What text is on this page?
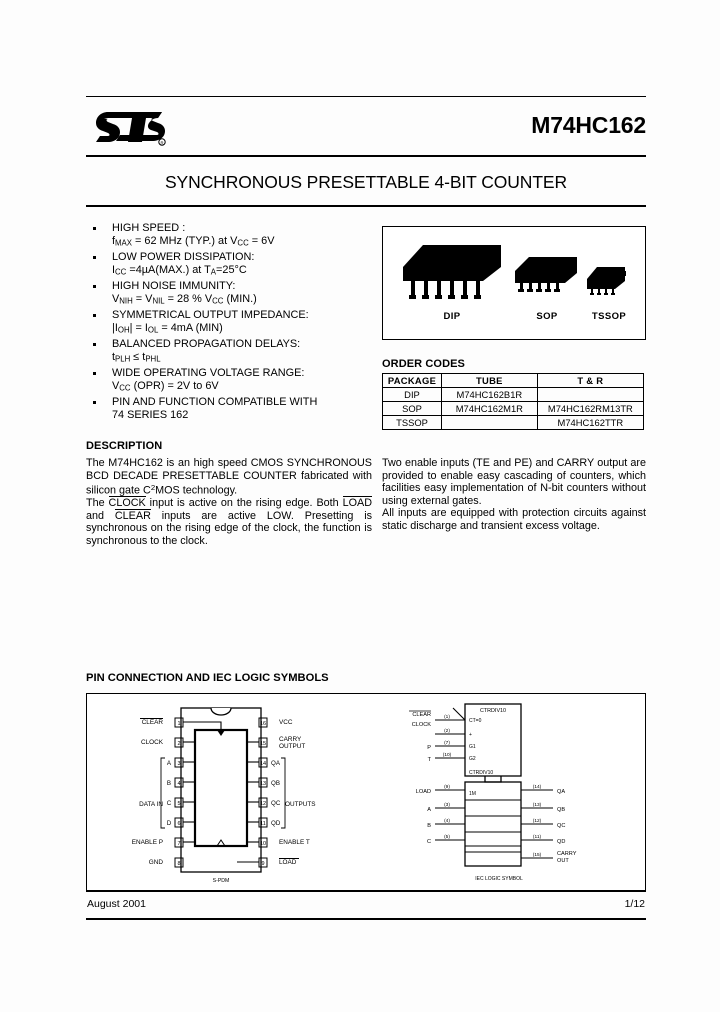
R
M74HC162
SYNCHRONOUS PRESETTABLE 4-BIT COUNTER
HIGH SPEED :
$f_{MAX} = 62$ MHz (TYP.) at $V_{CC} = 6V$
LOW POWER DISSIPATION:
$I_{CC} =4\mu A(MAX.)$ at $T_A=25^\circ C$
HIGH NOISE IMMUNITY:
$V_{NIH} = V_{NIL} = 28$ % $V_{CC}$ (MIN.)
SYMMETRICAL OUTPUT IMPEDANCE:
$|I_{OH}| = I_{OL} = 4mA$ (MIN)
BALANCED PROPAGATION DELAYS:
$t_{PLH} \le t_{PHL}$
WIDE OPERATING VOLTAGE RANGE:
$V_{CC}$ (OPR) = 2V to 6V
PIN AND FUNCTION COMPATIBLE WITH
74 SERIES 162
DESCRIPTION

The M74HC162 is an high speed CMOS SYNCHRONOUS BCD DECADE PRESETTABLE COUNTER fabricated with silicon gate $C^2MOS$ technology.

The CLOCK input is active on the rising edge. Both LOAD and CLEAR inputs are active LOW. Presetting is synchronous on the rising edge of the clock, the function is synchronous to the clock.

Two enable inputs (TE and PE) and CARRY output are provided to enable easy cascading of counters, which facilities easy implementation of N-bit counters without using external gates.

All inputs are equipped with protection circuits against static discharge and transient excess voltage.

DIP	SOP	TSSOP
ORDER CODES
PACKAGE	TUBE	T & R
DIP	M74HC162B1R	
SOP	M74HC162M1R	M74HC162RM13TR
TSSOP		M74HC162TTR
PIN CONNECTION AND IEC LOGIC SYMBOLS
1
2
3
4
5
6
7
8
16
15
14
13
12
11
10
9
CLEAR
CLOCK
DATA IN
ENABLE P
GND
A
B
C
D
VCC
CARRY
OUTPUT
OUTPUTS
ENABLE T
LOAD
QA
QB
QC
QD
S-PDM
CTRDIV10
CLEAR
CLOCK
P
T
LOAD
A
B
C
(1)
(2)
(7)
(10)
(9)
(3)
(4)
(5)
CT=0
+
G1
G2
CTRDIV10
1M	QA
QB
QC
QD
CARRY
OUT
(14)
(13)
(12)
(11)
(15)
IEC LOGIC SYMBOL
August 2001	1/12
